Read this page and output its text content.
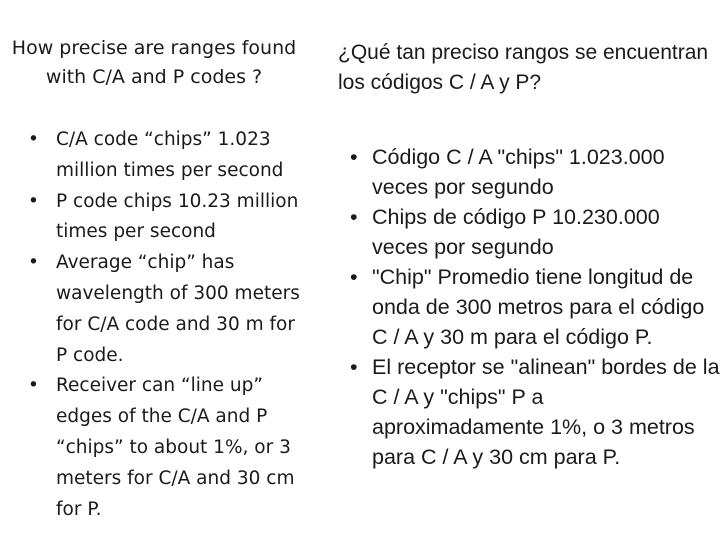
How precise are ranges found with C/A and P codes ?
• C/A code “chips” 1.023 million times per second
• P code chips 10.23 million times per second
• Average “chip” has wavelength of 300 meters for C/A code and 30 m for P code.
• Receiver can “line up” edges of the C/A and P “chips” to about 1%, or 3 meters for C/A and 30 cm for P.
¿Qué tan preciso rangos se encuentran los códigos C / A y P?
• Código C / A "chips" 1.023.000 veces por segundo
• Chips de código P 10.230.000 veces por segundo
• "Chip" Promedio tiene longitud de onda de 300 metros para el código C / A y 30 m para el código P.
• El receptor se "alinean" bordes de la C / A y "chips" P a aproximadamente 1%, o 3 metros para C / A y 30 cm para P.
